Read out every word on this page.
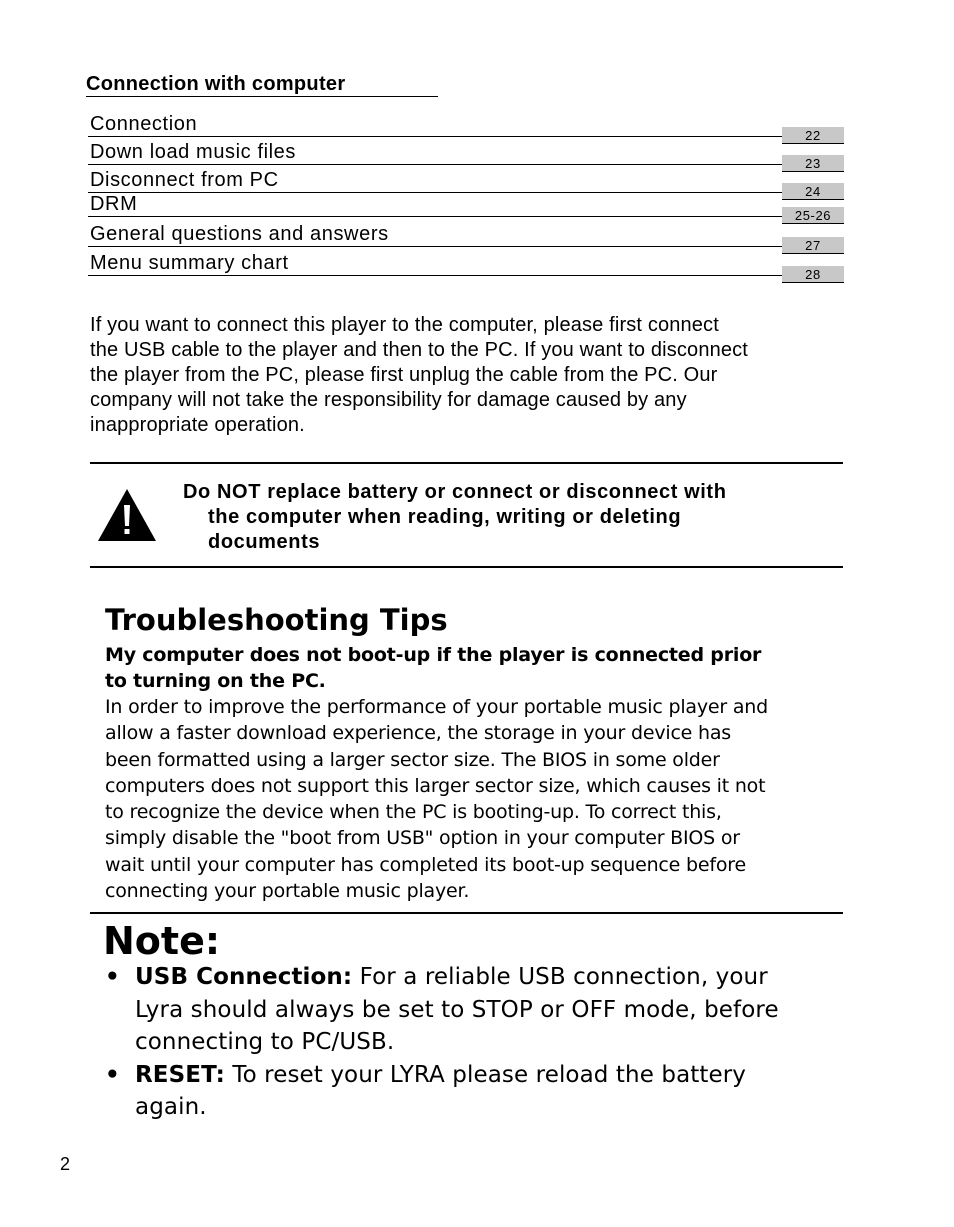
Connection with computer
Connection
22
Down load music files
23
Disconnect from PC
24
DRM
25-26
General questions and answers
27
Menu summary chart
28
If you want to connect this player to the computer, please first connect
the USB cable to the player and then to the PC. If you want to disconnect
the player from the PC, please first unplug the cable from the PC. Our
company will not take the responsibility for damage caused by any
inappropriate operation.
Do NOT replace battery or connect or disconnect with
the computer when reading, writing or deleting
documents
Troubleshooting Tips
My computer does not boot-up if the player is connected prior
to turning on the PC.
In order to improve the performance of your portable music player and
allow a faster download experience, the storage in your device has
been formatted using a larger sector size. The BIOS in some older
computers does not support this larger sector size, which causes it not
to recognize the device when the PC is booting-up. To correct this,
simply disable the "boot from USB" option in your computer BIOS or
wait until your computer has completed its boot-up sequence before
connecting your portable music player.
Note:
• USB Connection: For a reliable USB connection, your
Lyra should always be set to STOP or OFF mode, before
connecting to PC/USB.
• RESET: To reset your LYRA please reload the battery
again.
2
